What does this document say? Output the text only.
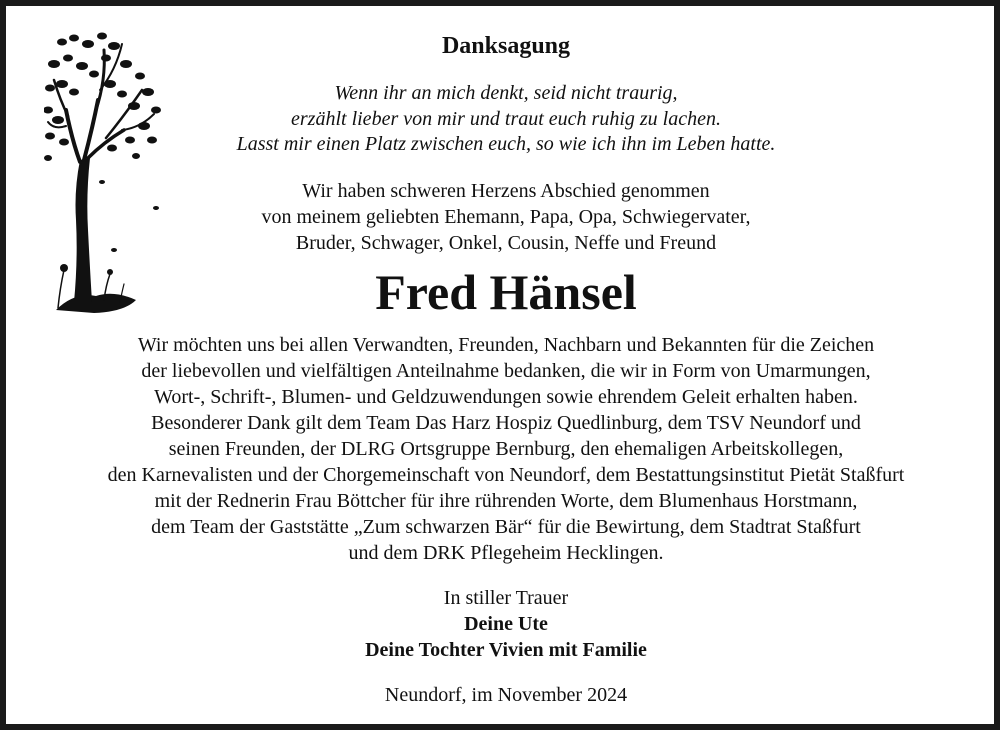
Danksagung
Wenn ihr an mich denkt, seid nicht traurig,
erzählt lieber von mir und traut euch ruhig zu lachen.
Lasst mir einen Platz zwischen euch, so wie ich ihn im Leben hatte.
Wir haben schweren Herzens Abschied genommen
von meinem geliebten Ehemann, Papa, Opa, Schwiegervater,
Bruder, Schwager, Onkel, Cousin, Neffe und Freund
Fred Hänsel
Wir möchten uns bei allen Verwandten, Freunden, Nachbarn und Bekannten für die Zeichen
der liebevollen und vielfältigen Anteilnahme bedanken, die wir in Form von Umarmungen,
Wort-, Schrift-, Blumen- und Geldzuwendungen sowie ehrendem Geleit erhalten haben.
Besonderer Dank gilt dem Team Das Harz Hospiz Quedlinburg, dem TSV Neundorf und
seinen Freunden, der DLRG Ortsgruppe Bernburg, den ehemaligen Arbeitskollegen,
den Karnevalisten und der Chorgemeinschaft von Neundorf, dem Bestattungsinstitut Pietät Staßfurt
mit der Rednerin Frau Böttcher für ihre rührenden Worte, dem Blumenhaus Horstmann,
dem Team der Gaststätte „Zum schwarzen Bär“ für die Bewirtung, dem Stadtrat Staßfurt
und dem DRK Pflegeheim Hecklingen.
In stiller Trauer
Deine Ute
Deine Tochter Vivien mit Familie
Neundorf, im November 2024
